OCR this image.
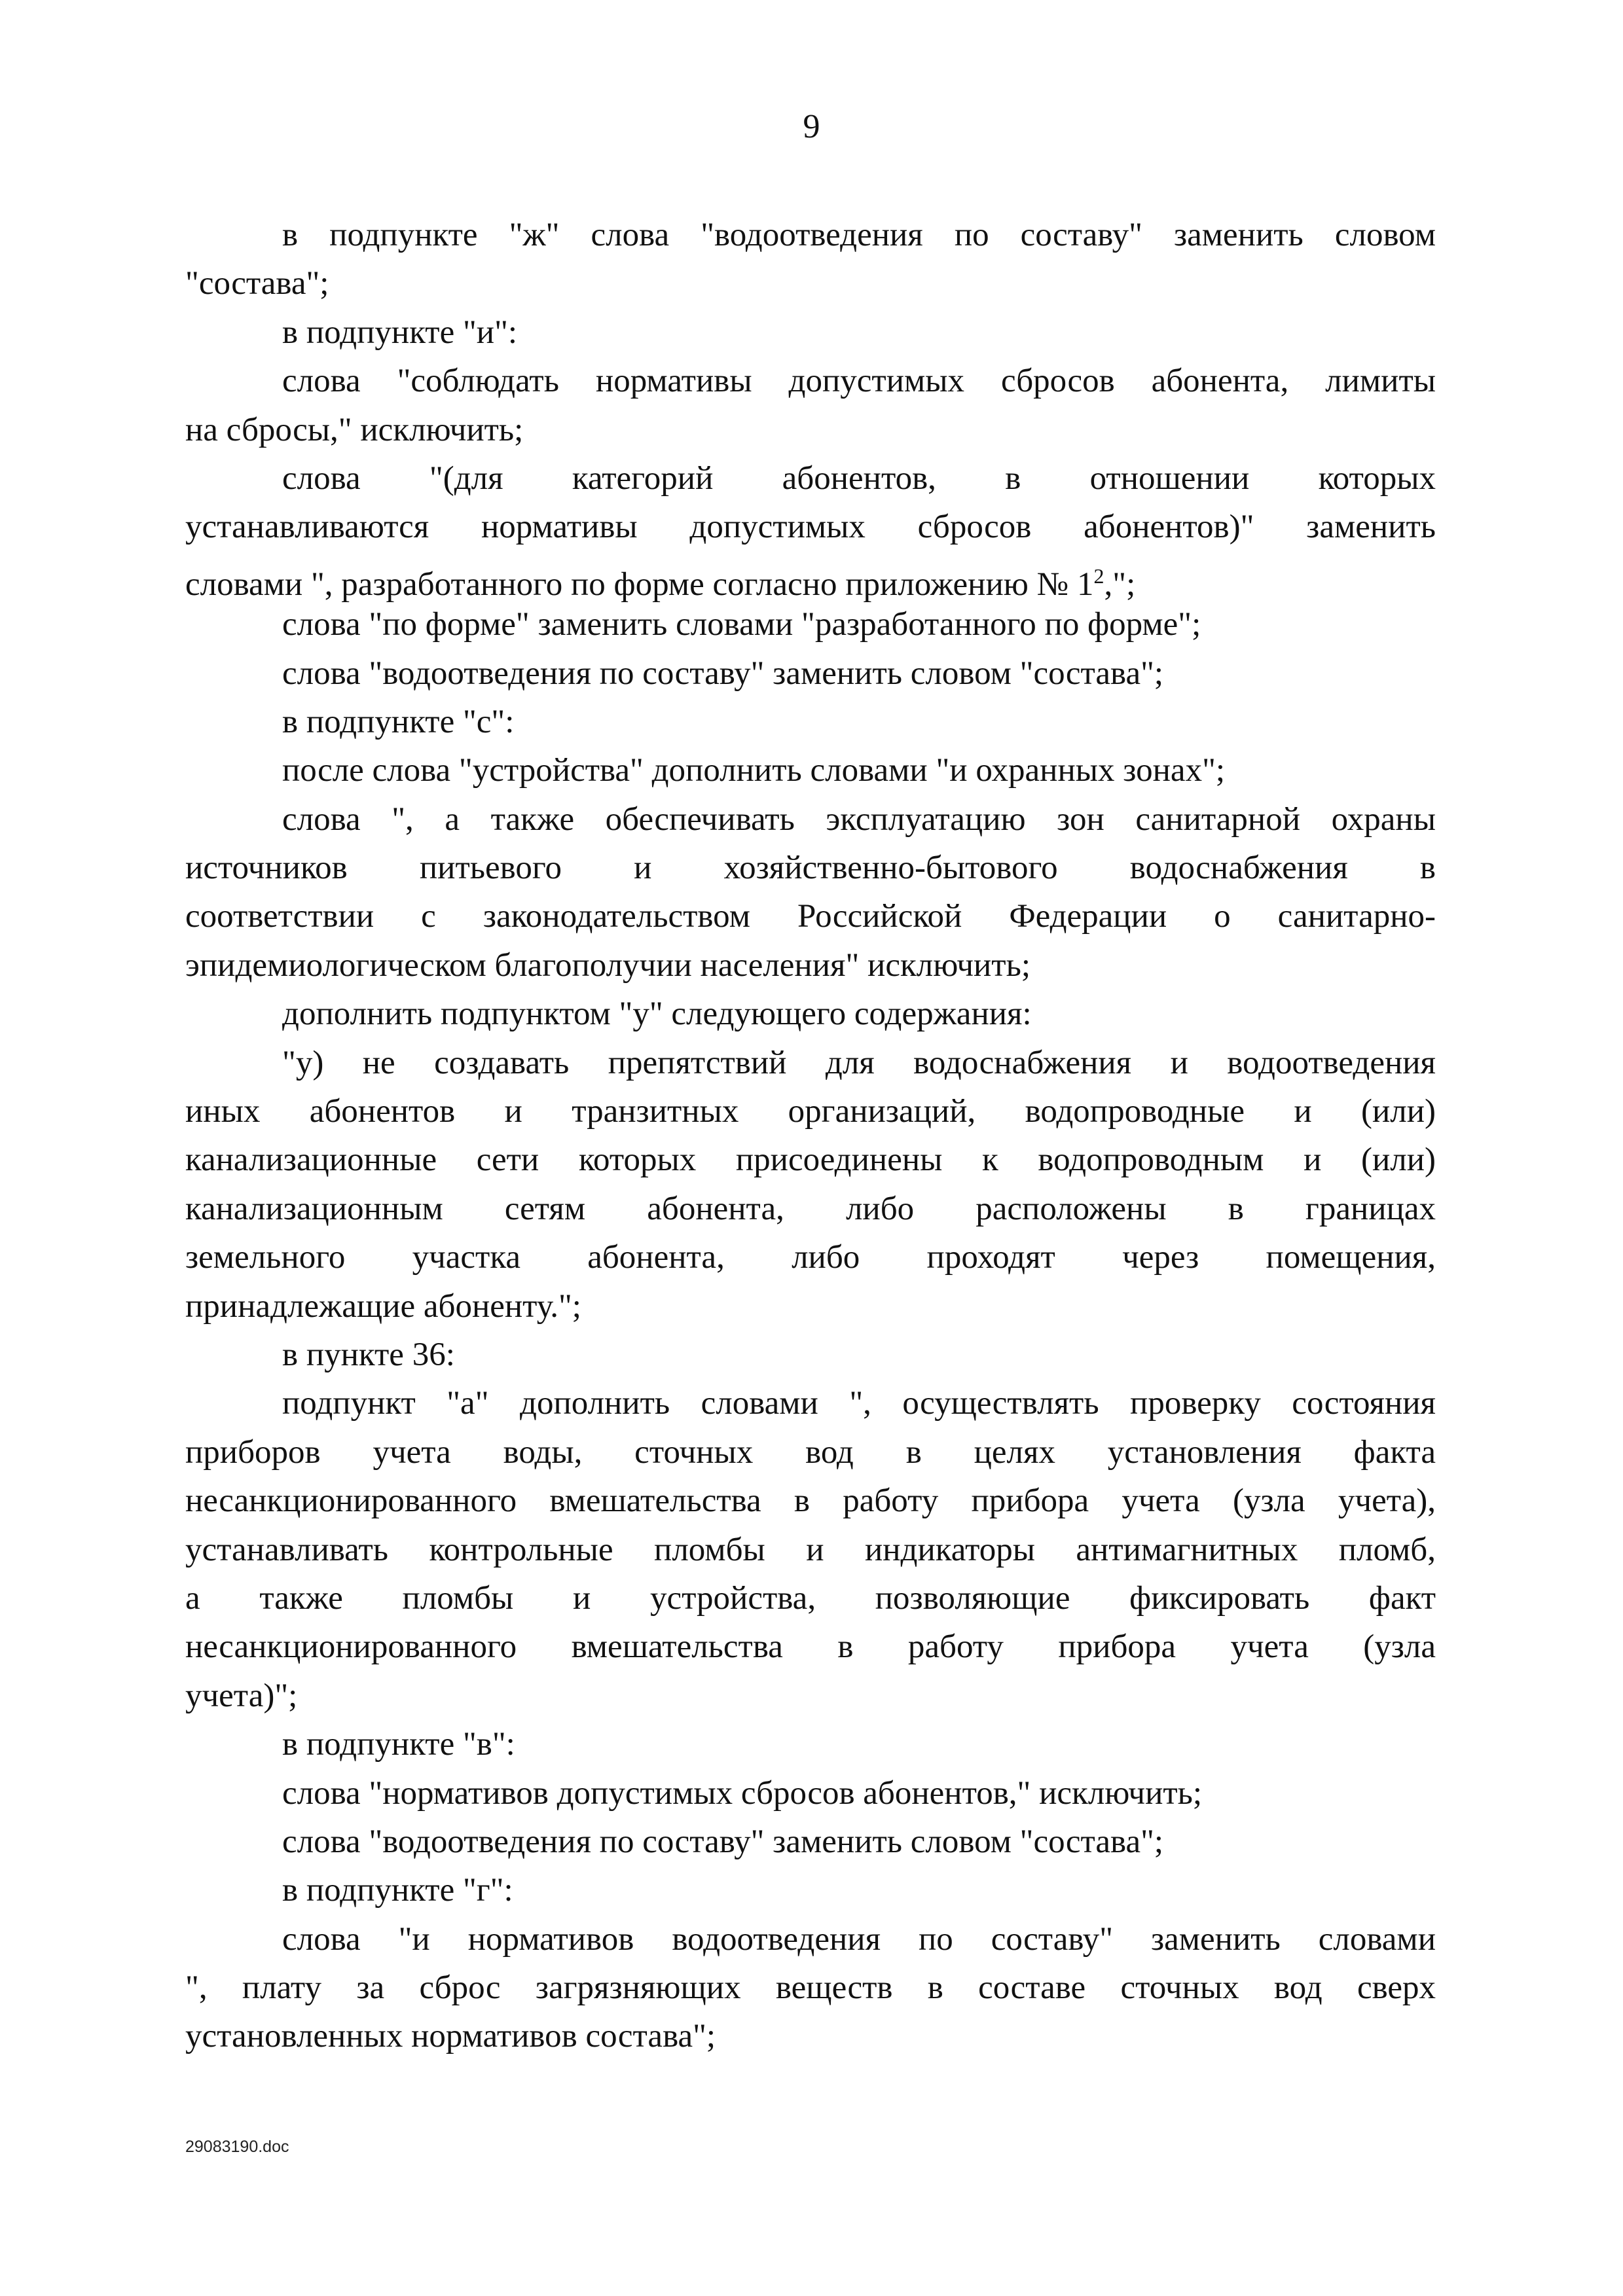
9
в подпункте "ж" слова "водоотведения по составу" заменить словом
"состава";
в подпункте "и":
слова "соблюдать нормативы допустимых сбросов абонента, лимиты
на сбросы," исключить;
слова "(для категорий абонентов, в отношении которых
устанавливаются нормативы допустимых сбросов абонентов)" заменить
словами ", разработанного по форме согласно приложению № $1^2$,";
слова "по форме" заменить словами "разработанного по форме";
слова "водоотведения по составу" заменить словом "состава";
в подпункте "с":
после слова "устройства" дополнить словами "и охранных зонах";
слова ", а также обеспечивать эксплуатацию зон санитарной охраны
источников питьевого и хозяйственно-бытового водоснабжения в
соответствии с законодательством Российской Федерации о санитарно-
эпидемиологическом благополучии населения" исключить;
дополнить подпунктом "у" следующего содержания:
"у) не создавать препятствий для водоснабжения и водоотведения
иных абонентов и транзитных организаций, водопроводные и (или)
канализационные сети которых присоединены к водопроводным и (или)
канализационным сетям абонента, либо расположены в границах
земельного участка абонента, либо проходят через помещения,
принадлежащие абоненту.";
в пункте 36:
подпункт "а" дополнить словами ", осуществлять проверку состояния
приборов учета воды, сточных вод в целях установления факта
несанкционированного вмешательства в работу прибора учета (узла учета),
устанавливать контрольные пломбы и индикаторы антимагнитных пломб,
а также пломбы и устройства, позволяющие фиксировать факт
несанкционированного вмешательства в работу прибора учета (узла
учета)";
в подпункте "в":
слова "нормативов допустимых сбросов абонентов," исключить;
слова "водоотведения по составу" заменить словом "состава";
в подпункте "г":
слова "и нормативов водоотведения по составу" заменить словами
", плату за сброс загрязняющих веществ в составе сточных вод сверх
установленных нормативов состава";
29083190.doc
